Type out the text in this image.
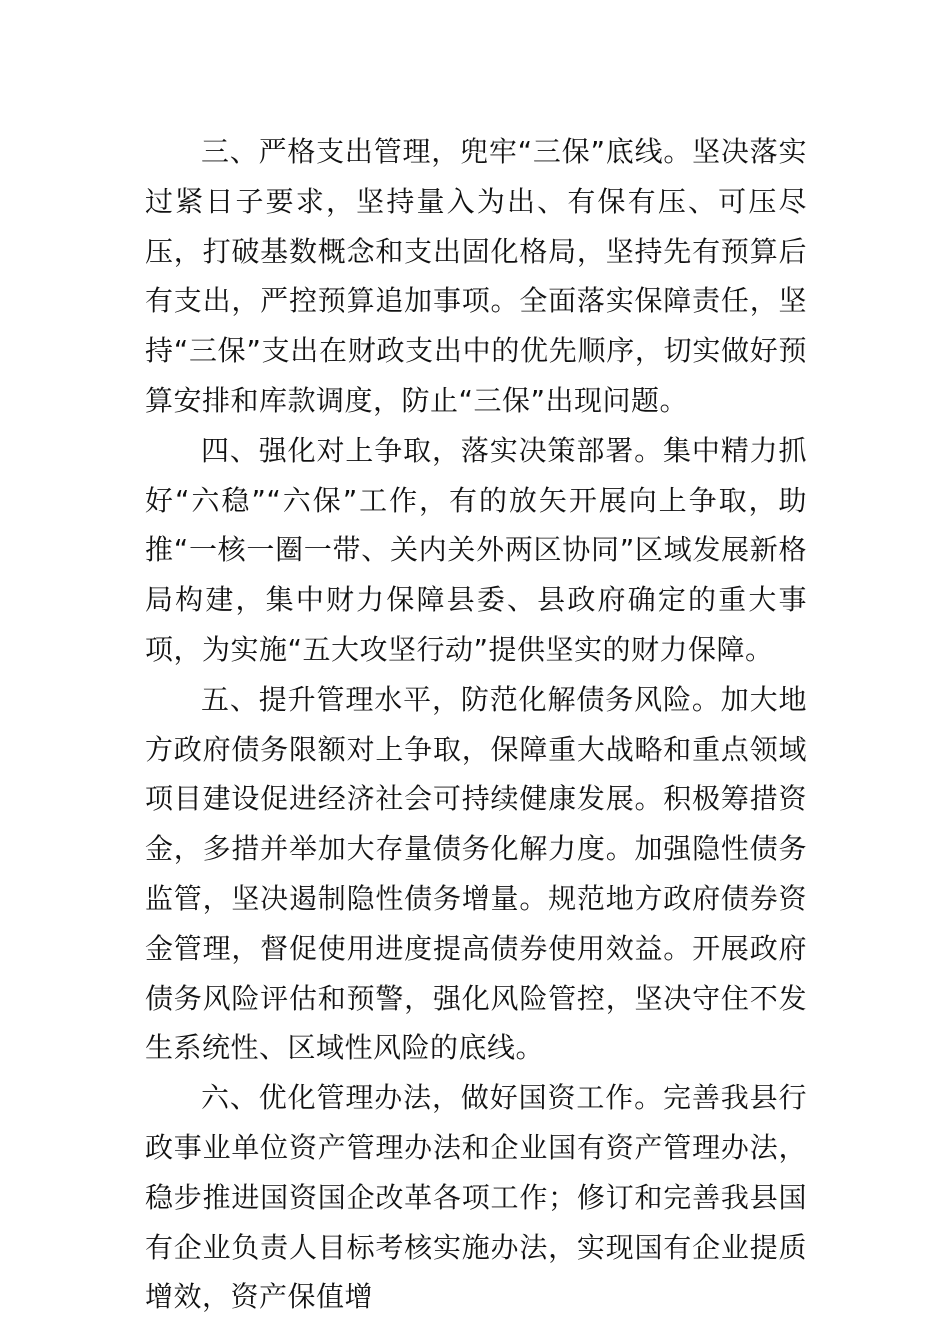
三、严格支出管理，兜牢“三保”底线。坚决落实过紧日子要求，坚持量入为出、有保有压、可压尽压，打破基数概念和支出固化格局，坚持先有预算后有支出，严控预算追加事项。全面落实保障责任，坚持“三保”支出在财政支出中的优先顺序，切实做好预算安排和库款调度，防止“三保”出现问题。

四、强化对上争取，落实决策部署。集中精力抓好“六稳”“六保”工作，有的放矢开展向上争取，助推“一核一圈一带、关内关外两区协同”区域发展新格局构建，集中财力保障县委、县政府确定的重大事项，为实施“五大攻坚行动”提供坚实的财力保障。

五、提升管理水平，防范化解债务风险。加大地方政府债务限额对上争取，保障重大战略和重点领域项目建设促进经济社会可持续健康发展。积极筹措资金，多措并举加大存量债务化解力度。加强隐性债务监管，坚决遏制隐性债务增量。规范地方政府债券资金管理，督促使用进度提高债券使用效益。开展政府债务风险评估和预警，强化风险管控，坚决守住不发生系统性、区域性风险的底线。

六、优化管理办法，做好国资工作。完善我县行政事业单位资产管理办法和企业国有资产管理办法，稳步推进国资国企改革各项工作；修订和完善我县国有企业负责人目标考核实施办法，实现国有企业提质增效，资产保值增
